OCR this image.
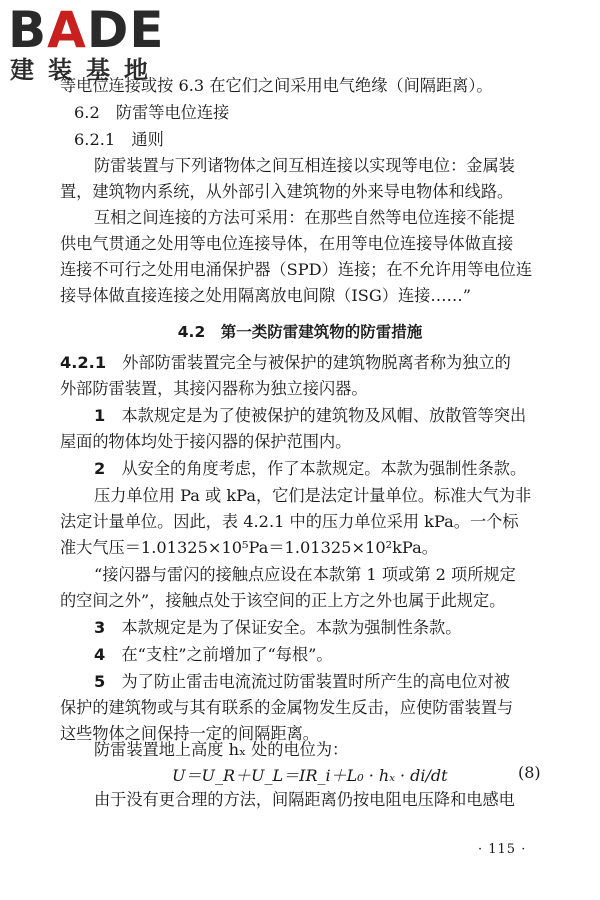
BADE
建装基地
等电位连接或按 6.3 在它们之间采用电气绝缘（间隔距离）。
6.2　防雷等电位连接
6.2.1　通则
防雷装置与下列诸物体之间互相连接以实现等电位：金属装
置，建筑物内系统，从外部引入建筑物的外来导电物体和线路。
互相之间连接的方法可采用：在那些自然等电位连接不能提
供电气贯通之处用等电位连接导体，在用等电位连接导体做直接
连接不可行之处用电涌保护器（SPD）连接；在不允许用等电位连
接导体做直接连接之处用隔离放电间隙（ISG）连接……”
4.2　第一类防雷建筑物的防雷措施
4.2.1　 外部防雷装置完全与被保护的建筑物脱离者称为独立的
外部防雷装置，其接闪器称为独立接闪器。
1　 本款规定是为了使被保护的建筑物及风帽、放散管等突出
屋面的物体均处于接闪器的保护范围内。
2　 从安全的角度考虑，作了本款规定。本款为强制性条款。
压力单位用 Pa 或 kPa，它们是法定计量单位。标准大气为非
法定计量单位。因此，表 4.2.1 中的压力单位采用 kPa。一个标
准大气压＝1.01325×10⁵Pa＝1.01325×10²kPa。
“接闪器与雷闪的接触点应设在本款第 1 项或第 2 项所规定
的空间之外”，接触点处于该空间的正上方之外也属于此规定。
3　 本款规定是为了保证安全。本款为强制性条款。
4　 在“支柱”之前增加了“每根”。
5　 为了防止雷击电流流过防雷装置时所产生的高电位对被
保护的建筑物或与其有联系的金属物发生反击，应使防雷装置与
这些物体之间保持一定的间隔距离。
防雷装置地上高度 hₓ 处的电位为：
U＝U_R＋U_L＝IR_i＋L₀ · hₓ · di/dt	(8)
由于没有更合理的方法，间隔距离仍按电阻电压降和电感电
· 115 ·
